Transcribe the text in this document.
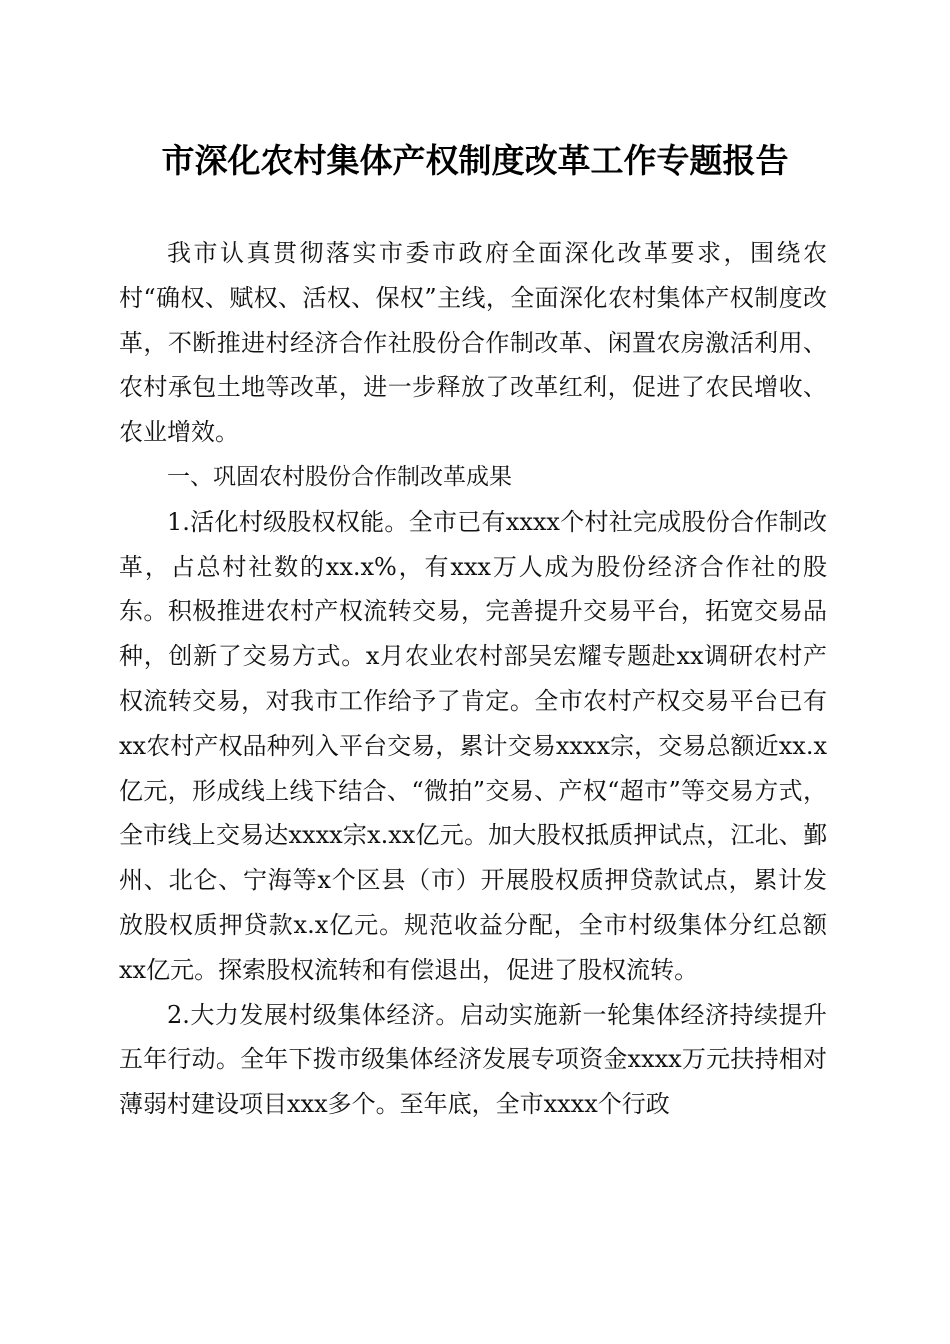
市深化农村集体产权制度改革工作专题报告

我市认真贯彻落实市委市政府全面深化改革要求，围绕农村“确权、赋权、活权、保权”主线，全面深化农村集体产权制度改革，不断推进村经济合作社股份合作制改革、闲置农房激活利用、农村承包土地等改革，进一步释放了改革红利，促进了农民增收、农业增效。

一、巩固农村股份合作制改革成果

1.活化村级股权权能。全市已有xxxx个村社完成股份合作制改革，占总村社数的xx.x%，有xxx万人成为股份经济合作社的股东。积极推进农村产权流转交易，完善提升交易平台，拓宽交易品种，创新了交易方式。x月农业农村部吴宏耀专题赴xx调研农村产权流转交易，对我市工作给予了肯定。全市农村产权交易平台已有xx农村产权品种列入平台交易，累计交易xxxx宗，交易总额近xx.x亿元，形成线上线下结合、“微拍”交易、产权“超市”等交易方式，全市线上交易达xxxx宗x.xx亿元。加大股权抵质押试点，江北、鄞州、北仑、宁海等x个区县（市）开展股权质押贷款试点，累计发放股权质押贷款x.x亿元。规范收益分配，全市村级集体分红总额xx亿元。探索股权流转和有偿退出，促进了股权流转。

2.大力发展村级集体经济。启动实施新一轮集体经济持续提升五年行动。全年下拨市级集体经济发展专项资金xxxx万元扶持相对薄弱村建设项目xxx多个。至年底，全市xxxx个行政
